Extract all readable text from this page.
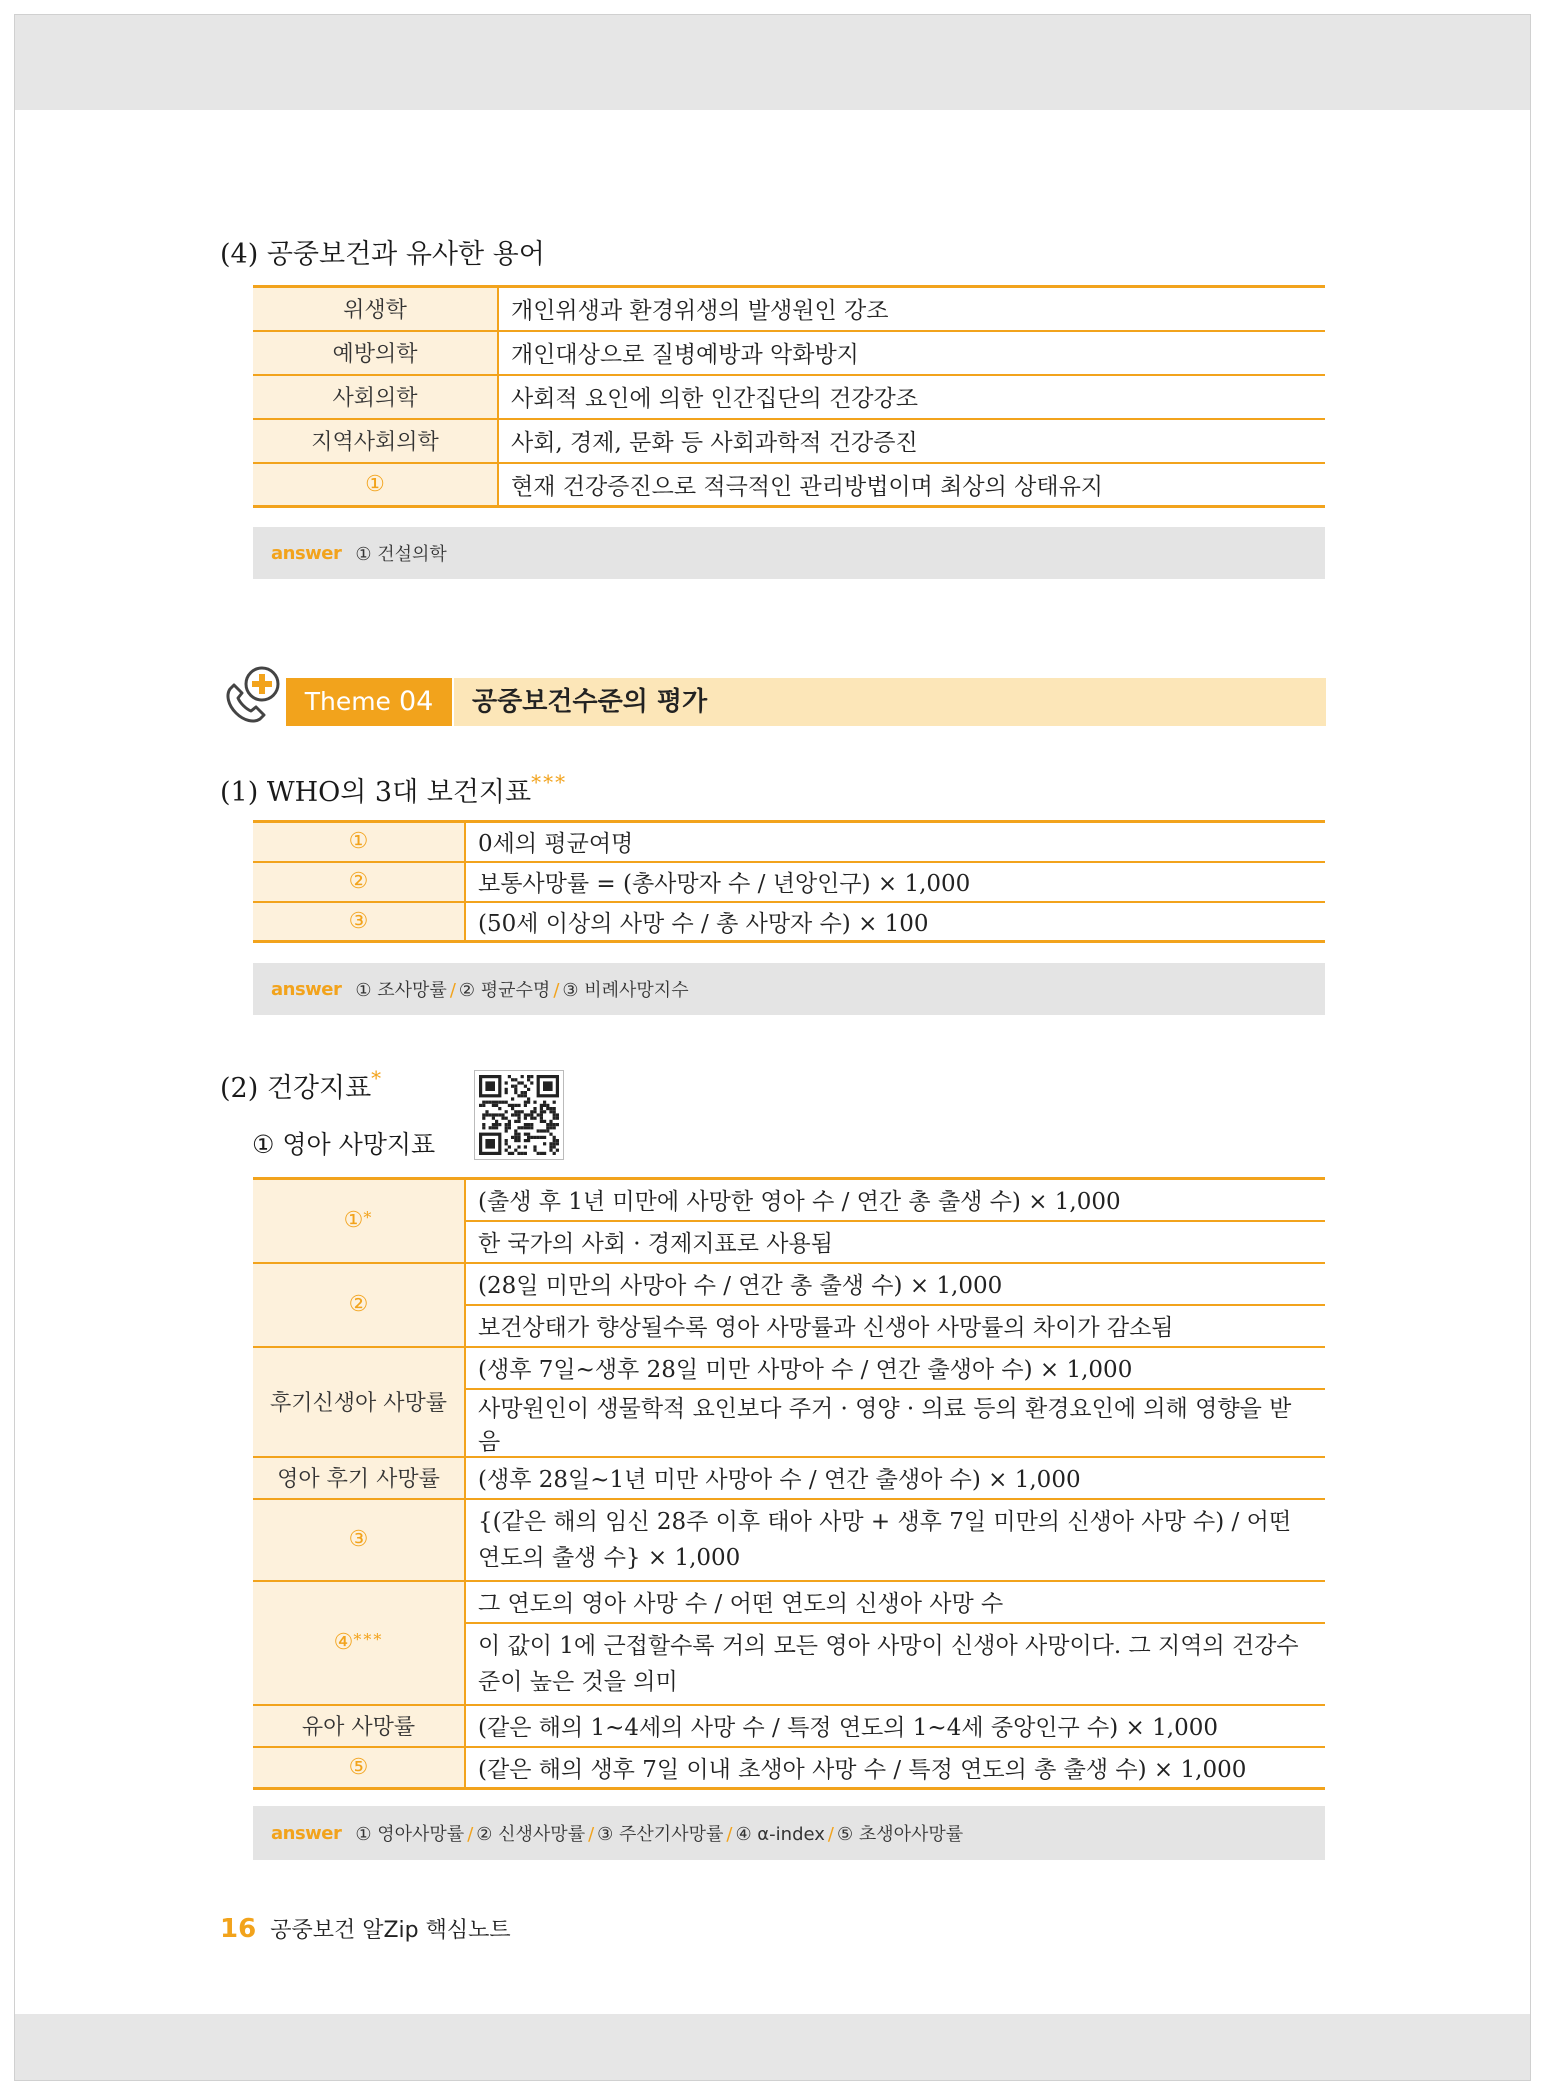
(4) 공중보건과 유사한 용어
위생학	개인위생과 환경위생의 발생원인 강조
예방의학	개인대상으로 질병예방과 악화방지
사회의학	사회적 요인에 의한 인간집단의 건강강조
지역사회의학	사회, 경제, 문화 등 사회과학적 건강증진
①	현재 건강증진으로 적극적인 관리방법이며 최상의 상태유지
answer ① 건설의학
Theme 04	공중보건수준의 평가
(1) WHO의 3대 보건지표***
①	0세의 평균여명
②	보통사망률 = (총사망자 수 / 년앙인구) × 1,000
③	(50세 이상의 사망 수 / 총 사망자 수) × 100
answer ① 조사망률 / ② 평균수명 / ③ 비례사망지수
(2) 건강지표*
① 영아 사망지표
①*	(출생 후 1년 미만에 사망한 영아 수 / 연간 총 출생 수) × 1,000
	한 국가의 사회 · 경제지표로 사용됨
②	(28일 미만의 사망아 수 / 연간 총 출생 수) × 1,000
	보건상태가 향상될수록 영아 사망률과 신생아 사망률의 차이가 감소됨
후기신생아 사망률	(생후 7일~생후 28일 미만 사망아 수 / 연간 출생아 수) × 1,000
	사망원인이 생물학적 요인보다 주거 · 영양 · 의료 등의 환경요인에 의해 영향을 받음
영아 후기 사망률	(생후 28일~1년 미만 사망아 수 / 연간 출생아 수) × 1,000
③	{(같은 해의 임신 28주 이후 태아 사망 + 생후 7일 미만의 신생아 사망 수) / 어떤 연도의 출생 수} × 1,000
④***	그 연도의 영아 사망 수 / 어떤 연도의 신생아 사망 수
	이 값이 1에 근접할수록 거의 모든 영아 사망이 신생아 사망이다. 그 지역의 건강수준이 높은 것을 의미
유아 사망률	(같은 해의 1~4세의 사망 수 / 특정 연도의 1~4세 중앙인구 수) × 1,000
⑤	(같은 해의 생후 7일 이내 초생아 사망 수 / 특정 연도의 총 출생 수) × 1,000
answer ① 영아사망률 / ② 신생사망률 / ③ 주산기사망률 / ④ α-index / ⑤ 초생아사망률
16 공중보건 알Zip 핵심노트
